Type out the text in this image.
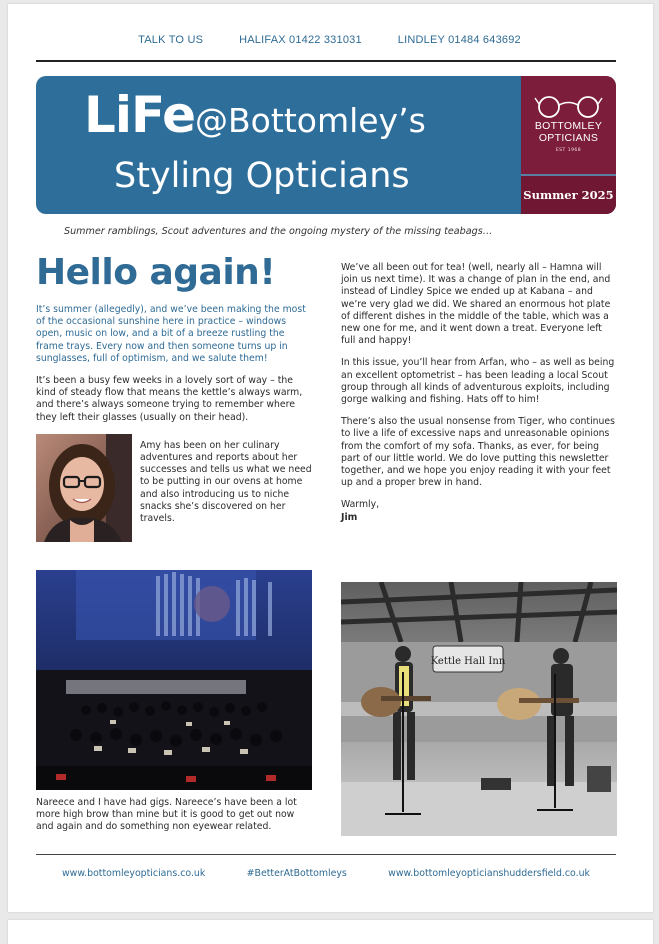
TALK TO US	HALIFAX 01422 331031	LINDLEY 01484 643692
LiFe@Bottomley’s
Styling Opticians
BOTTOMLEY
OPTICIANS
EST 1968
Summer 2025
Summer ramblings, Scout adventures and the ongoing mystery of the missing teabags…
Hello again!

It’s summer (allegedly), and we’ve been making the most of the occasional sunshine here in practice – windows open, music on low, and a bit of a breeze rustling the frame trays. Every now and then someone turns up in sunglasses, full of optimism, and we salute them!

It’s been a busy few weeks in a lovely sort of way – the kind of steady flow that means the kettle’s always warm, and there’s always someone trying to remember where they left their glasses (usually on their head).

Amy has been on her culinary adventures and reports about her successes and tells us what we need to be putting in our ovens at home and also introducing us to niche snacks she’s discovered on her travels.

Nareece and I have had gigs. Nareece’s have been a lot more high brow than mine but it is good to get out now and again and do something non eyewear related.

We’ve all been out for tea! (well, nearly all – Hamna will join us next time). It was a change of plan in the end, and instead of Lindley Spice we ended up at Kabana – and we’re very glad we did. We shared an enormous hot plate of different dishes in the middle of the table, which was a new one for me, and it went down a treat. Everyone left full and happy!

In this issue, you’ll hear from Arfan, who – as well as being an excellent optometrist – has been leading a local Scout group through all kinds of adventurous exploits, including gorge walking and fishing. Hats off to him!

There’s also the usual nonsense from Tiger, who continues to live a life of excessive naps and unreasonable opinions from the comfort of my sofa. Thanks, as ever, for being part of our little world. We do love putting this newsletter together, and we hope you enjoy reading it with your feet up and a proper brew in hand.

Warmly,
Jim
Kettle Hall Inn
www.bottomleyopticians.co.uk	#BetterAtBottomleys	www.bottomleyopticianshuddersfield.co.uk
